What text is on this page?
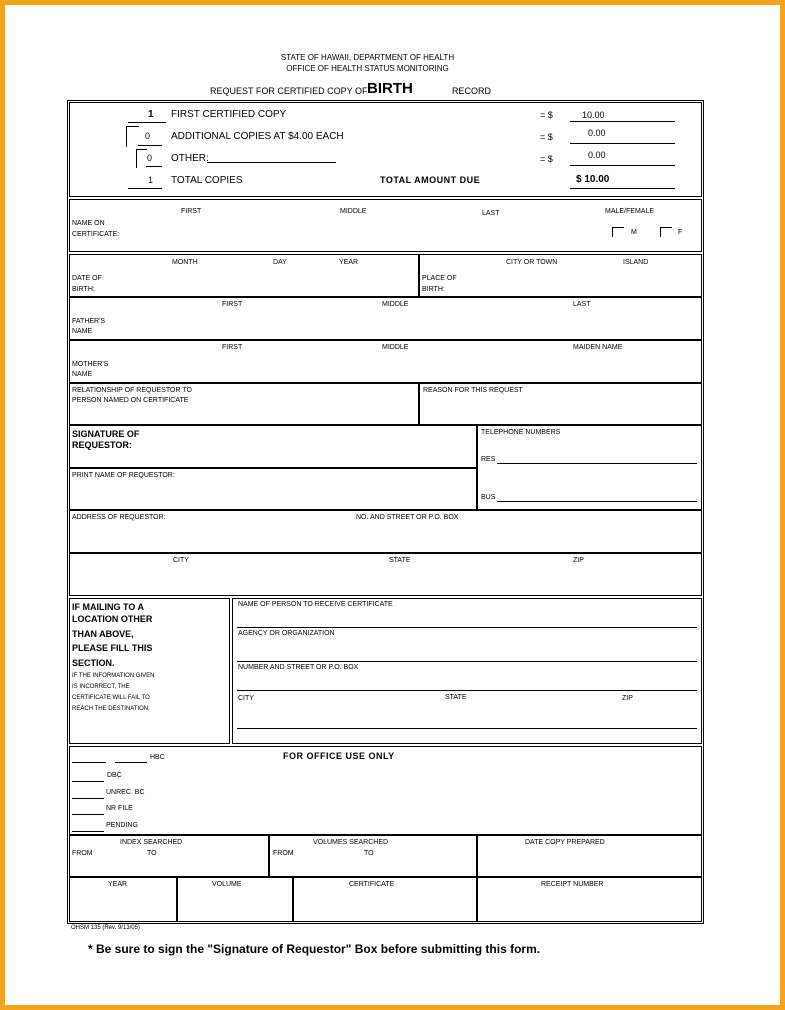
STATE OF HAWAII, DEPARTMENT OF HEALTH
OFFICE OF HEALTH STATUS MONITORING
REQUEST FOR CERTIFIED COPY OF BIRTH	RECORD
1 FIRST CERTIFIED COPY	= $	10.00
0 ADDITIONAL COPIES AT $4.00 EACH	= $	0.00
0 OTHER:	= $	0.00
1 TOTAL COPIES	TOTAL AMOUNT DUE	$ 10.00
FIRST	MIDDLE	LAST	MALE/FEMALE
NAME ON
CERTIFICATE:	M	F
MONTH	DAY	YEAR	CITY OR TOWN	ISLAND
DATE OF
BIRTH:
PLACE OF
BIRTH:
FIRST	MIDDLE	LAST
FATHER'S
NAME
FIRST	MIDDLE	MAIDEN NAME
MOTHER'S
NAME
RELATIONSHIP OF REQUESTOR TO
PERSON NAMED ON CERTIFICATE
REASON FOR THIS REQUEST
SIGNATURE OF
REQUESTOR:
PRINT NAME OF REQUESTOR:
TELEPHONE NUMBERS
RES
BUS
ADDRESS OF REQUESTOR:	NO. AND STREET OR P.O. BOX
CITY	STATE	ZIP
IF MAILING TO A
LOCATION OTHER
THAN ABOVE,
PLEASE FILL THIS
SECTION.
IF THE INFORMATION GIVEN
IS INCORRECT, THE
CERTIFICATE WILL FAIL TO
REACH THE DESTINATION.
NAME OF PERSON TO RECEIVE CERTIFICATE
AGENCY OR ORGANIZATION
NUMBER AND STREET OR P.O. BOX
CITY	STATE	ZIP
FOR OFFICE USE ONLY
HBC
DBC
UNREC. BC
NR FILE
PENDING
INDEX SEARCHED
FROM	TO
VOLUMES SEARCHED
FROM	TO
DATE COPY PREPARED
YEAR	VOLUME	CERTIFICATE	RECEIPT NUMBER
OHSM 135 (Rev. 9/13/05)
* Be sure to sign the "Signature of Requestor" Box before submitting this form.
